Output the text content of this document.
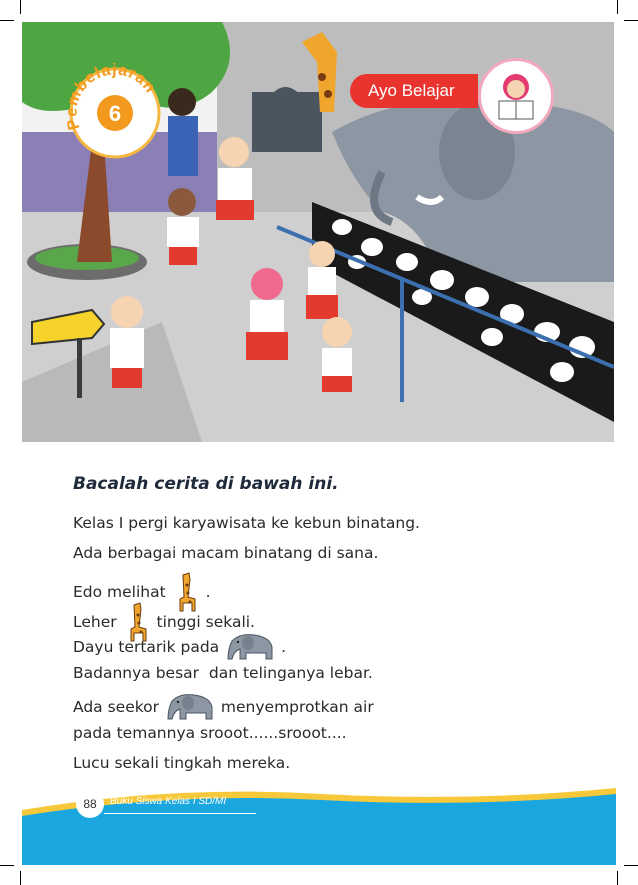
Pembelajaran
6
Ayo Belajar
Bacalah cerita di bawah ini.
Kelas I pergi karyawisata ke kebun binatang.
Ada berbagai macam binatang di sana.
Edo melihat	.
Leher	tinggi sekali.
Dayu tertarik pada	.
Badannya besar  dan telinganya lebar.
Ada seekor	menyemprotkan air
pada temannya srooot......srooot....
Lucu sekali tingkah mereka.
88	Buku Siswa Kelas I SD/MI
